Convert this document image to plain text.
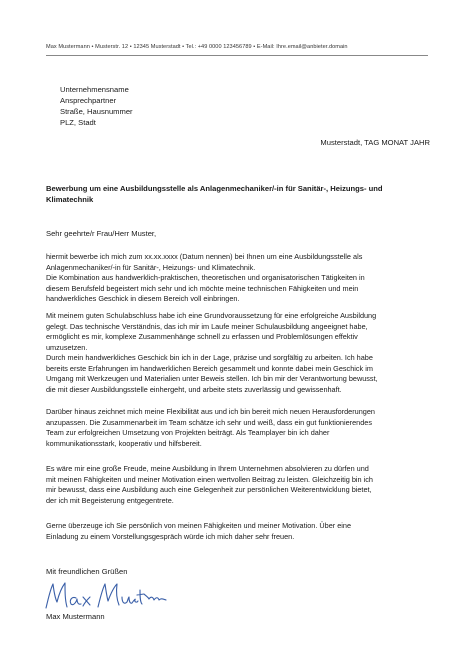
Max Mustermann • Musterstr. 12 • 12345 Musterstadt • Tel.: +49 0000 123456789 • E-Mail: Ihre.email@anbieter.domain
Unternehmensname
Ansprechpartner
Straße, Hausnummer
PLZ, Stadt
Musterstadt, TAG MONAT JAHR
Bewerbung um eine Ausbildungsstelle als Anlagenmechaniker/-in für Sanitär-, Heizungs- und Klimatechnik
Sehr geehrte/r Frau/Herr Muster,
hiermit bewerbe ich mich zum xx.xx.xxxx (Datum nennen) bei Ihnen um eine Ausbildungsstelle als
Anlagenmechaniker/-in für Sanitär-, Heizungs- und Klimatechnik.
Die Kombination aus handwerklich-praktischen, theoretischen und organisatorischen Tätigkeiten in
diesem Berufsfeld begeistert mich sehr und ich möchte meine technischen Fähigkeiten und mein
handwerkliches Geschick in diesem Bereich voll einbringen.
Mit meinem guten Schulabschluss habe ich eine Grundvoraussetzung für eine erfolgreiche Ausbildung
gelegt. Das technische Verständnis, das ich mir im Laufe meiner Schulausbildung angeeignet habe,
ermöglicht es mir, komplexe Zusammenhänge schnell zu erfassen und Problemlösungen effektiv
umzusetzen.
Durch mein handwerkliches Geschick bin ich in der Lage, präzise und sorgfältig zu arbeiten. Ich habe
bereits erste Erfahrungen im handwerklichen Bereich gesammelt und konnte dabei mein Geschick im
Umgang mit Werkzeugen und Materialien unter Beweis stellen. Ich bin mir der Verantwortung bewusst,
die mit dieser Ausbildungsstelle einhergeht, und arbeite stets zuverlässig und gewissenhaft.
Darüber hinaus zeichnet mich meine Flexibilität aus und ich bin bereit mich neuen Herausforderungen
anzupassen. Die Zusammenarbeit im Team schätze ich sehr und weiß, dass ein gut funktionierendes
Team zur erfolgreichen Umsetzung von Projekten beiträgt. Als Teamplayer bin ich daher
kommunikationsstark, kooperativ und hilfsbereit.
Es wäre mir eine große Freude, meine Ausbildung in Ihrem Unternehmen absolvieren zu dürfen und
mit meinen Fähigkeiten und meiner Motivation einen wertvollen Beitrag zu leisten. Gleichzeitig bin ich
mir bewusst, dass eine Ausbildung auch eine Gelegenheit zur persönlichen Weiterentwicklung bietet,
der ich mit Begeisterung entgegentrete.
Gerne überzeuge ich Sie persönlich von meinen Fähigkeiten und meiner Motivation. Über eine
Einladung zu einem Vorstellungsgespräch würde ich mich daher sehr freuen.
Mit freundlichen Grüßen
Max Mustermann
